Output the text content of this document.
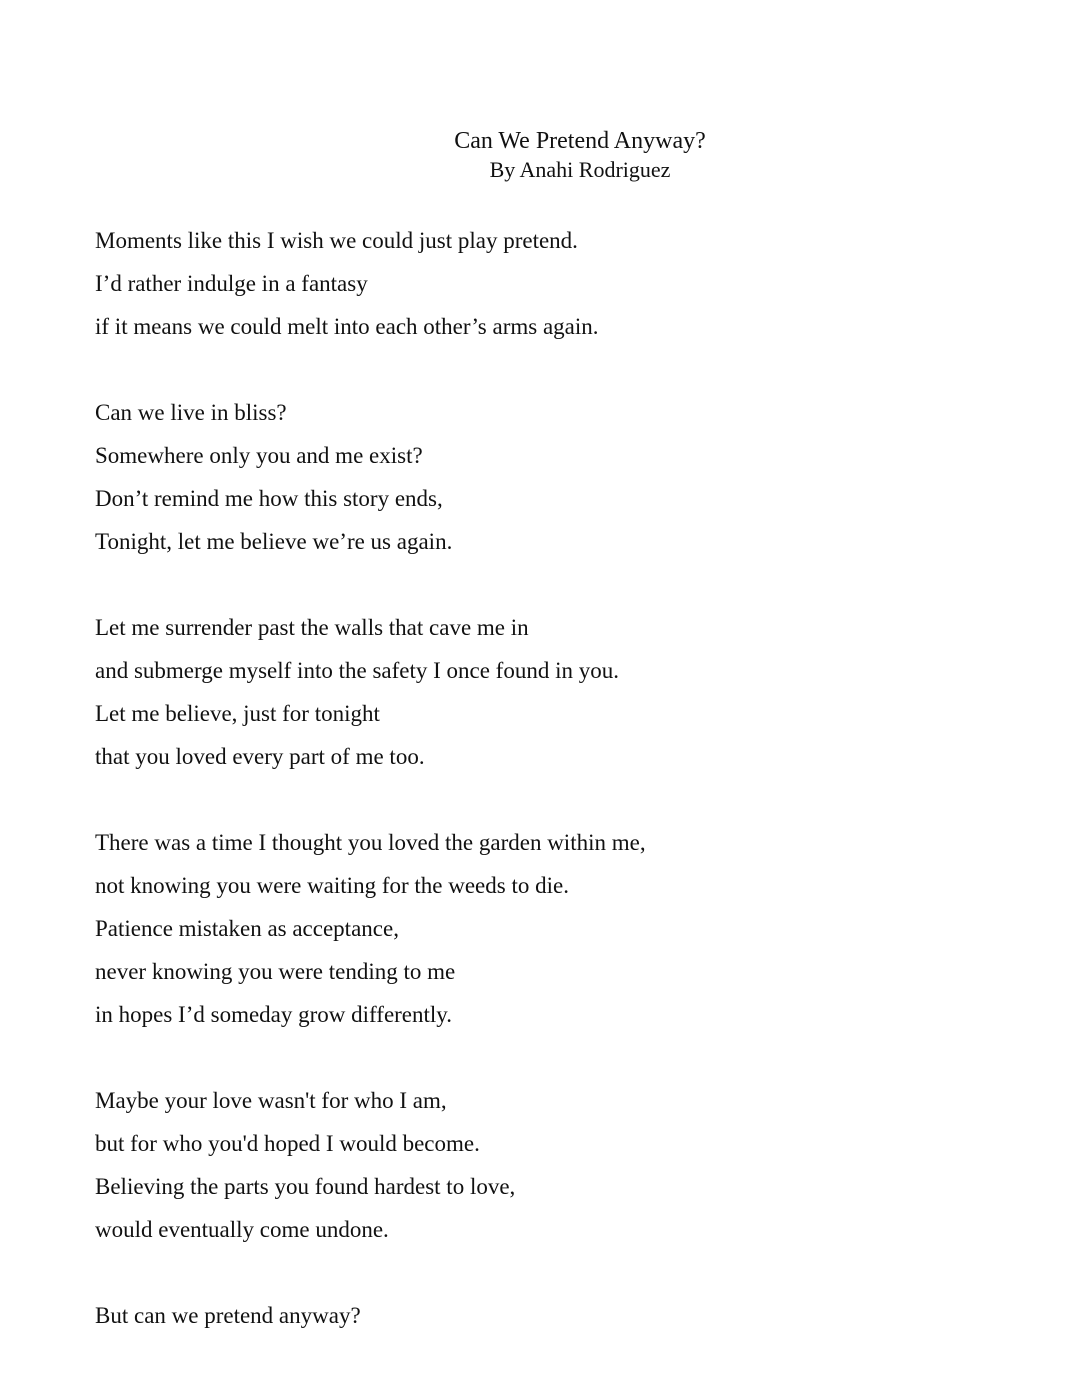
Can We Pretend Anyway?

By Anahi Rodriguez

Moments like this I wish we could just play pretend.

I’d rather indulge in a fantasy

if it means we could melt into each other’s arms again.

Can we live in bliss?

Somewhere only you and me exist?

Don’t remind me how this story ends,

Tonight, let me believe we’re us again.

Let me surrender past the walls that cave me in

and submerge myself into the safety I once found in you.

Let me believe, just for tonight

that you loved every part of me too.

There was a time I thought you loved the garden within me,

not knowing you were waiting for the weeds to die.

Patience mistaken as acceptance,

never knowing you were tending to me

in hopes I’d someday grow differently.

Maybe your love wasn't for who I am,

but for who you'd hoped I would become.

Believing the parts you found hardest to love,

would eventually come undone.

But can we pretend anyway?
